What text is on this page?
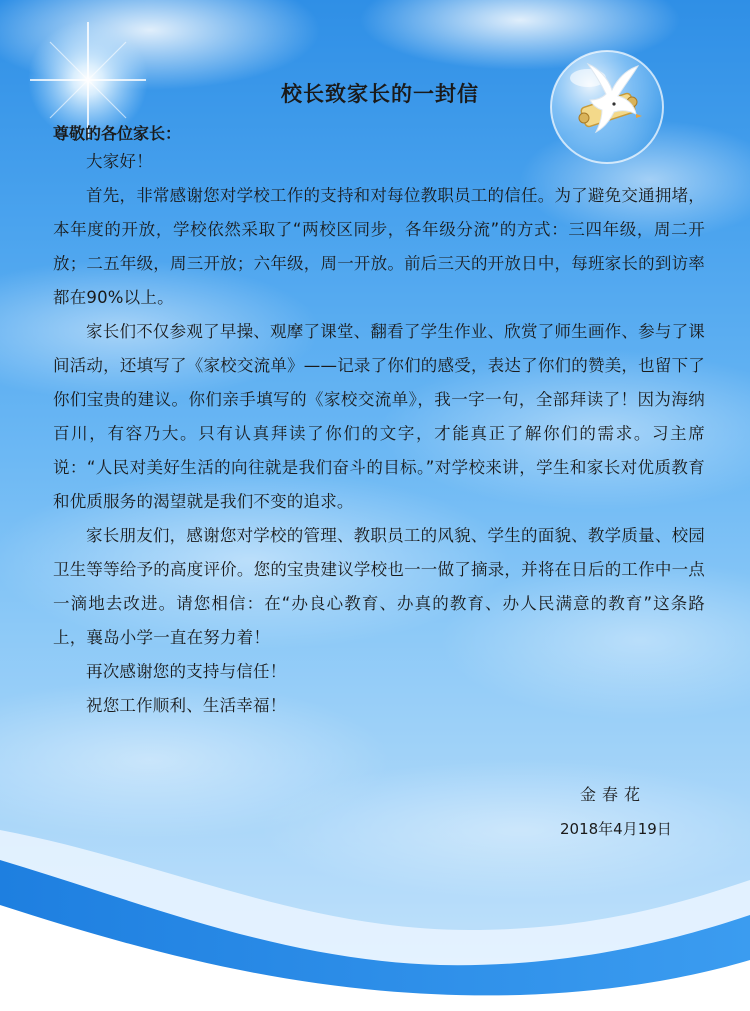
校长致家长的一封信
尊敬的各位家长：

大家好！

首先，非常感谢您对学校工作的支持和对每位教职员工的信任。为了避免交通拥堵，本年度的开放，学校依然采取了“两校区同步，各年级分流”的方式：三四年级，周二开放；二五年级，周三开放；六年级，周一开放。前后三天的开放日中，每班家长的到访率都在90%以上。

家长们不仅参观了早操、观摩了课堂、翻看了学生作业、欣赏了师生画作、参与了课间活动，还填写了《家校交流单》——记录了你们的感受，表达了你们的赞美，也留下了你们宝贵的建议。你们亲手填写的《家校交流单》，我一字一句，全部拜读了！因为海纳百川，有容乃大。只有认真拜读了你们的文字，才能真正了解你们的需求。习主席说：“人民对美好生活的向往就是我们奋斗的目标。”对学校来讲，学生和家长对优质教育和优质服务的渴望就是我们不变的追求。

家长朋友们，感谢您对学校的管理、教职员工的风貌、学生的面貌、教学质量、校园卫生等等给予的高度评价。您的宝贵建议学校也一一做了摘录，并将在日后的工作中一点一滴地去改进。请您相信：在“办良心教育、办真的教育、办人民满意的教育”这条路上，襄岛小学一直在努力着！

再次感谢您的支持与信任！

祝您工作顺利、生活幸福！

金春花
2018年4月19日
